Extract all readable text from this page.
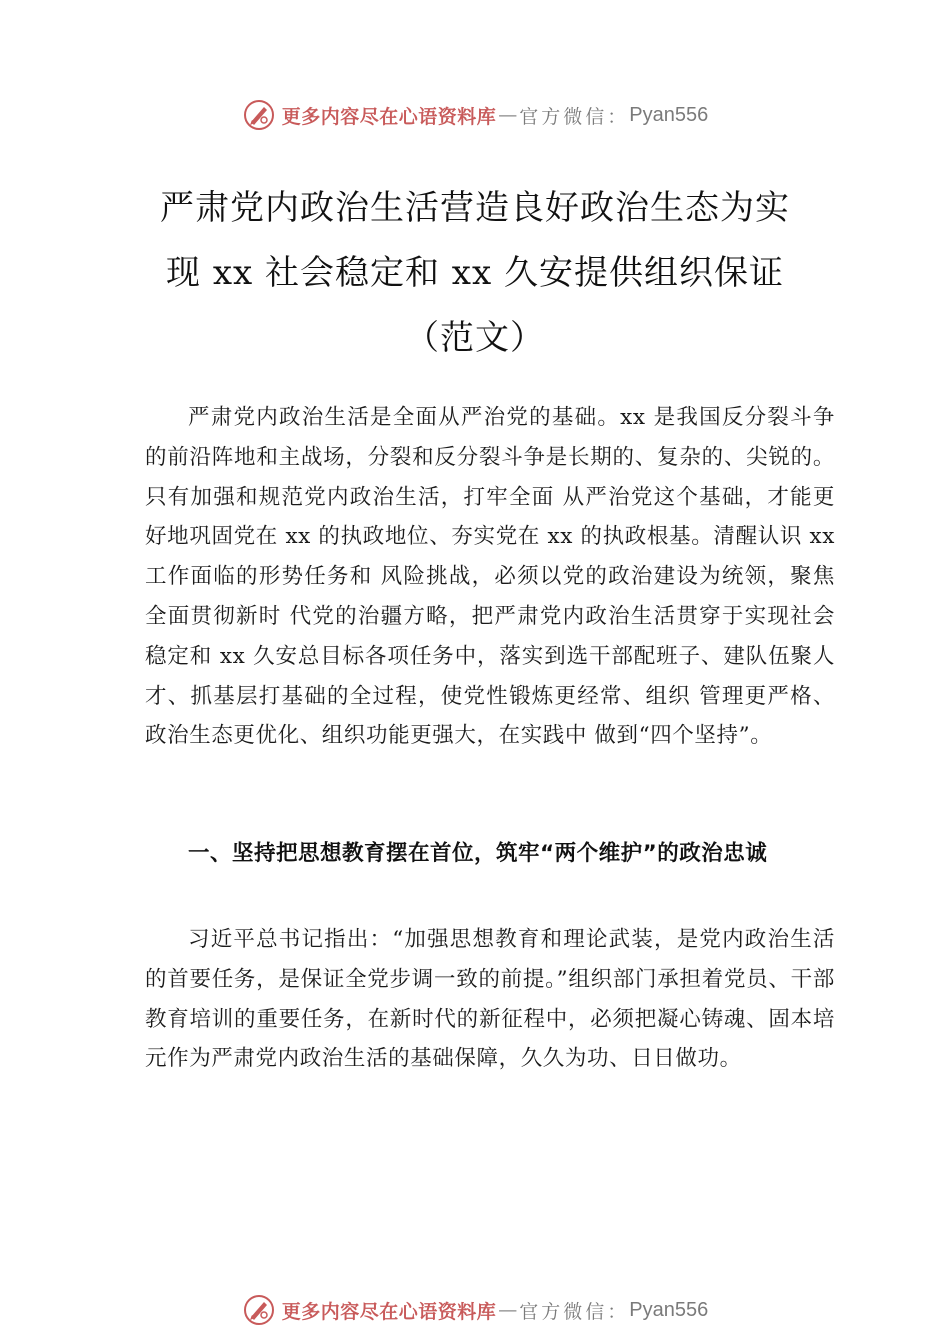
更多内容尽在心语资料库 — 官方微信： Pyan556
严肃党内政治生活营造良好政治生态为实
现 xx 社会稳定和 xx 久安提供组织保证
（范文）

严肃党内政治生活是全面从严治党的基础。xx 是我国反分裂斗争的前沿阵地和主战场，分裂和反分裂斗争是长期的、复杂的、尖锐的。只有加强和规范党内政治生活，打牢全面 从严治党这个基础，才能更好地巩固党在 xx 的执政地位、夯实党在 xx 的执政根基。清醒认识 xx 工作面临的形势任务和 风险挑战，必须以党的政治建设为统领，聚焦全面贯彻新时 代党的治疆方略，把严肃党内政治生活贯穿于实现社会稳定和 xx 久安总目标各项任务中，落实到选干部配班子、建队伍聚人才、抓基层打基础的全过程，使党性锻炼更经常、组织 管理更严格、政治生态更优化、组织功能更强大，在实践中 做到“四个坚持”。

一、坚持把思想教育摆在首位，筑牢“两个维护”的政治忠诚

习近平总书记指出：“加强思想教育和理论武装，是党内政治生活的首要任务，是保证全党步调一致的前提。”组织部门承担着党员、干部教育培训的重要任务，在新时代的新征程中，必须把凝心铸魂、固本培元作为严肃党内政治生活的基础保障，久久为功、日日做功。

更多内容尽在心语资料库 — 官方微信： Pyan556
